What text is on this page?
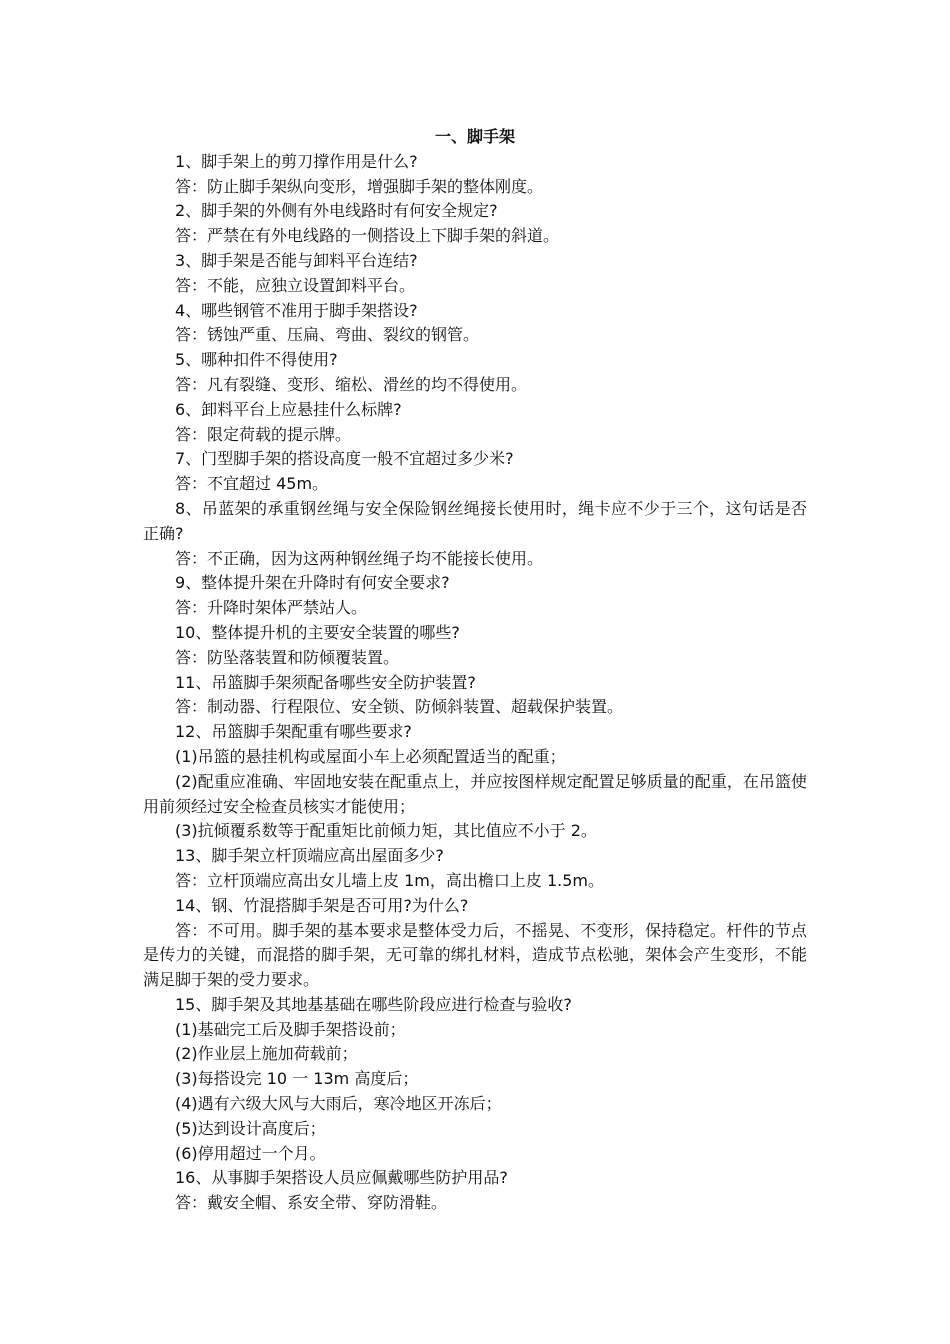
一、脚手架

1、脚手架上的剪刀撑作用是什么?

答：防止脚手架纵向变形，增强脚手架的整体刚度。

2、脚手架的外侧有外电线路时有何安全规定?

答：严禁在有外电线路的一侧搭设上下脚手架的斜道。

3、脚手架是否能与卸料平台连结?

答：不能，应独立设置卸料平台。

4、哪些钢管不准用于脚手架搭设?

答：锈蚀严重、压扁、弯曲、裂纹的钢管。

5、哪种扣件不得使用?

答：凡有裂缝、变形、缩松、滑丝的均不得使用。

6、卸料平台上应悬挂什么标牌?

答：限定荷载的提示牌。

7、门型脚手架的搭设高度一般不宜超过多少米?

答：不宜超过 45m。

8、吊蓝架的承重钢丝绳与安全保险钢丝绳接长使用时，绳卡应不少于三个，这句话是否正确?

答：不正确，因为这两种钢丝绳子均不能接长使用。

9、整体提升架在升降时有何安全要求?

答：升降时架体严禁站人。

10、整体提升机的主要安全装置的哪些?

答：防坠落装置和防倾覆装置。

11、吊篮脚手架须配备哪些安全防护装置?

答：制动器、行程限位、安全锁、防倾斜装置、超载保护装置。

12、吊篮脚手架配重有哪些要求?

(1)吊篮的悬挂机构或屋面小车上必须配置适当的配重；

(2)配重应准确、牢固地安装在配重点上，并应按图样规定配置足够质量的配重，在吊篮使用前须经过安全检查员核实才能使用；

(3)抗倾覆系数等于配重矩比前倾力矩，其比值应不小于 2。

13、脚手架立杆顶端应高出屋面多少?

答：立杆顶端应高出女儿墙上皮 1m，高出檐口上皮 1.5m。

14、钢、竹混搭脚手架是否可用?为什么?

答：不可用。脚手架的基本要求是整体受力后，不摇晃、不变形，保持稳定。杆件的节点是传力的关键，而混搭的脚手架，无可靠的绑扎材料，造成节点松驰，架体会产生变形，不能满足脚于架的受力要求。

15、脚手架及其地基基础在哪些阶段应进行检查与验收?

(1)基础完工后及脚手架搭设前；

(2)作业层上施加荷载前；

(3)每搭设完 10 一 13m 高度后；

(4)遇有六级大风与大雨后，寒冷地区开冻后；

(5)达到设计高度后；

(6)停用超过一个月。

16、从事脚手架搭设人员应佩戴哪些防护用品?

答：戴安全帽、系安全带、穿防滑鞋。
